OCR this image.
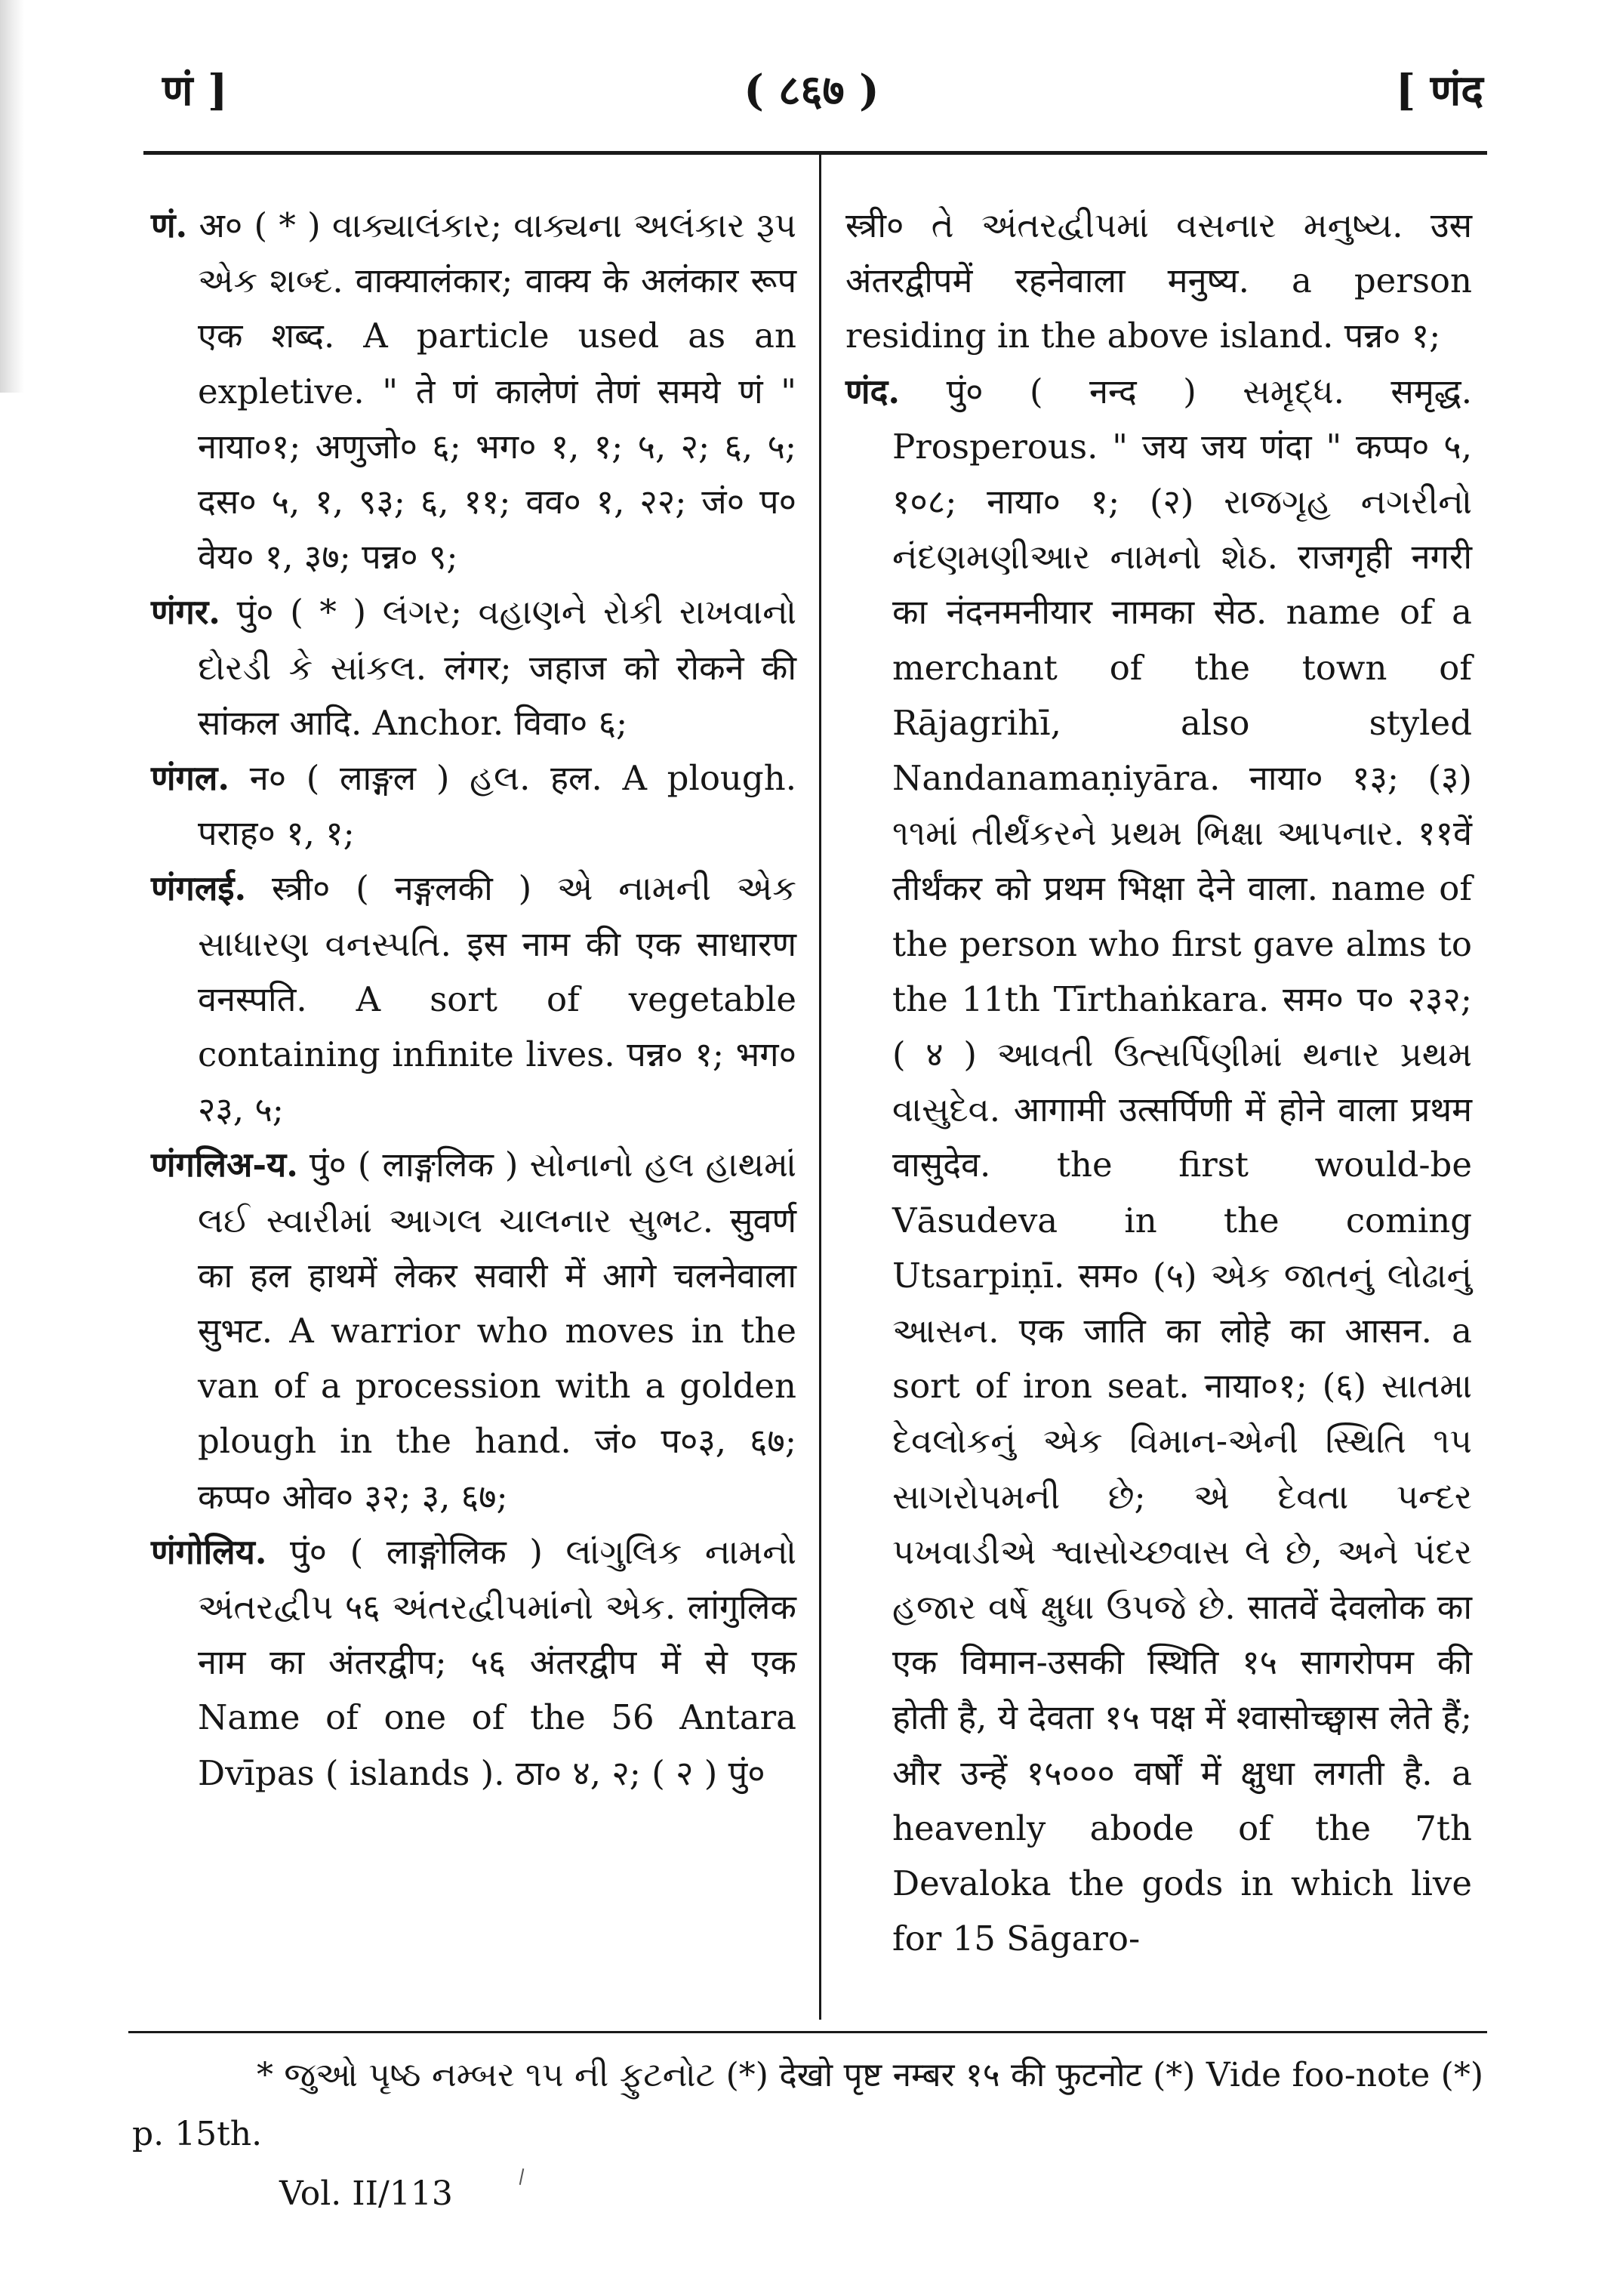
णं ]	( ८६७ )	[ णंद

णं. अ० ( * ) વાક્યાલંકાર; વાક્યના અલંકાર રૂપ એક શબ્દ. वाक्यालंकार; वाक्य के अलंकार रूप एक शब्द. A particle used as an expletive. " ते णं कालेणं तेणं समये णं " नाया०१; अणुजो० ६; भग० १, १; ५, २; ६, ५; दस० ५, १, ९३; ६, ११; वव० १, २२; जं० प० वेय० १, ३७; पन्न० ९;

णंगर. पुं० ( * ) લંગર; વહાણને રોકી રાખવાનો દોરડી કે સાંકલ. लंगर; जहाज को रोकने की सांकल आदि. Anchor. विवा० ६;

णंगल. न० ( लाङ्गल ) હલ. हल. A plough. पराह० १, १;

णंगलई. स्त्री० ( नङ्गलकी ) એ નામની એક સાધારણ વનસ્પતિ. इस नाम की एक साधारण वनस्पति. A sort of vegetable containing infinite lives. पन्न० १; भग० २३, ५;

णंगलिअ-य. पुं० ( लाङ्गलिक ) સોનાનો હલ હાથમાં લઈ સ્વારીમાં આગલ ચાલનાર સુભટ. सुवर्ण का हल हाथमें लेकर सवारी में आगे चलनेवाला सुभट. A warrior who moves in the van of a procession with a golden plough in the hand. जं० प०३, ६७; कप्प० ओव० ३२; ३, ६७;

णंगोलिय. पुं० ( लाङ्गोलिक ) લાંગુલિક નામનો અંતરદ્વીપ ५६ અંતરદ્વીપમાંનો એક. लांगुलिक नाम का अंतरद्वीप; ५६ अंतरद्वीप में से एक Name of one of the 56 Antara Dvīpas ( islands ). ठा० ४, २; ( २ ) पुं०

स्त्री० તે અંતરદ્વીપમાં વસનાર મનુષ્ય. उस अंतरद्वीपमें रहनेवाला मनुष्य. a person residing in the above island. पन्न० १;

णंद. पुं० ( नन्द ) સમૃદ્ધ. समृद्ध. Prosperous. " जय जय णंदा " कप्प० ५, १०८; नाया० १; (२) રાજગૃહ નગરીનો નંદણમણીઆર નામનો શેઠ. राजगृही नगरी का नंदनमनीयार नामका सेठ. name of a merchant of the town of Rājagrihī, also styled Nandanamaṇiyāra. नाया० १३; (३) ૧૧માં તીર્થંકરને પ્રથમ ભિક્ષા આપનાર. ११वें तीर्थंकर को प्रथम भिक्षा देने वाला. name of the person who first gave alms to the 11th Tīrthaṅkara. सम० प० २३२; ( ४ ) આવતી ઉત્સર્પિણીમાં થનાર પ્રથમ વાસુદેવ. आगामी उत्सर्पिणी में होने वाला प्रथम वासुदेव. the first would-be Vāsudeva in the coming Utsarpiṇī. सम० (५) એક જાતનું લોઢાનું આસન. एक जाति का लोहे का आसन. a sort of iron seat. नाया०१; (६) સાતમા દેવલોકનું એક વિમાન-એની સ્થિતિ ૧૫ સાગરોપમની છે; એ દેવતા પન્દર પખવાડીએ શ્વાસોચ્છવાસ લે છે, અને પંદર હજાર વર્ષે ક્ષુધા ઉપજે છે. सातवें देवलोक का एक विमान-उसकी स्थिति १५ सागरोपम की होती है, ये देवता १५ पक्ष में श्वासोच्छ्वास लेते हैं; और उन्हें १५००० वर्षों में क्षुधा लगती है. a heavenly abode of the 7th Devaloka the gods in which live for 15 Sāgaro-

* જુઓ પૃષ્ઠ નમ્બર ૧૫ ની ફુટનોટ (*) देखो पृष्ट नम्बर १५ की फुटनोट (*) Vide foo-note (*) p. 15th.
Vol. II/113
